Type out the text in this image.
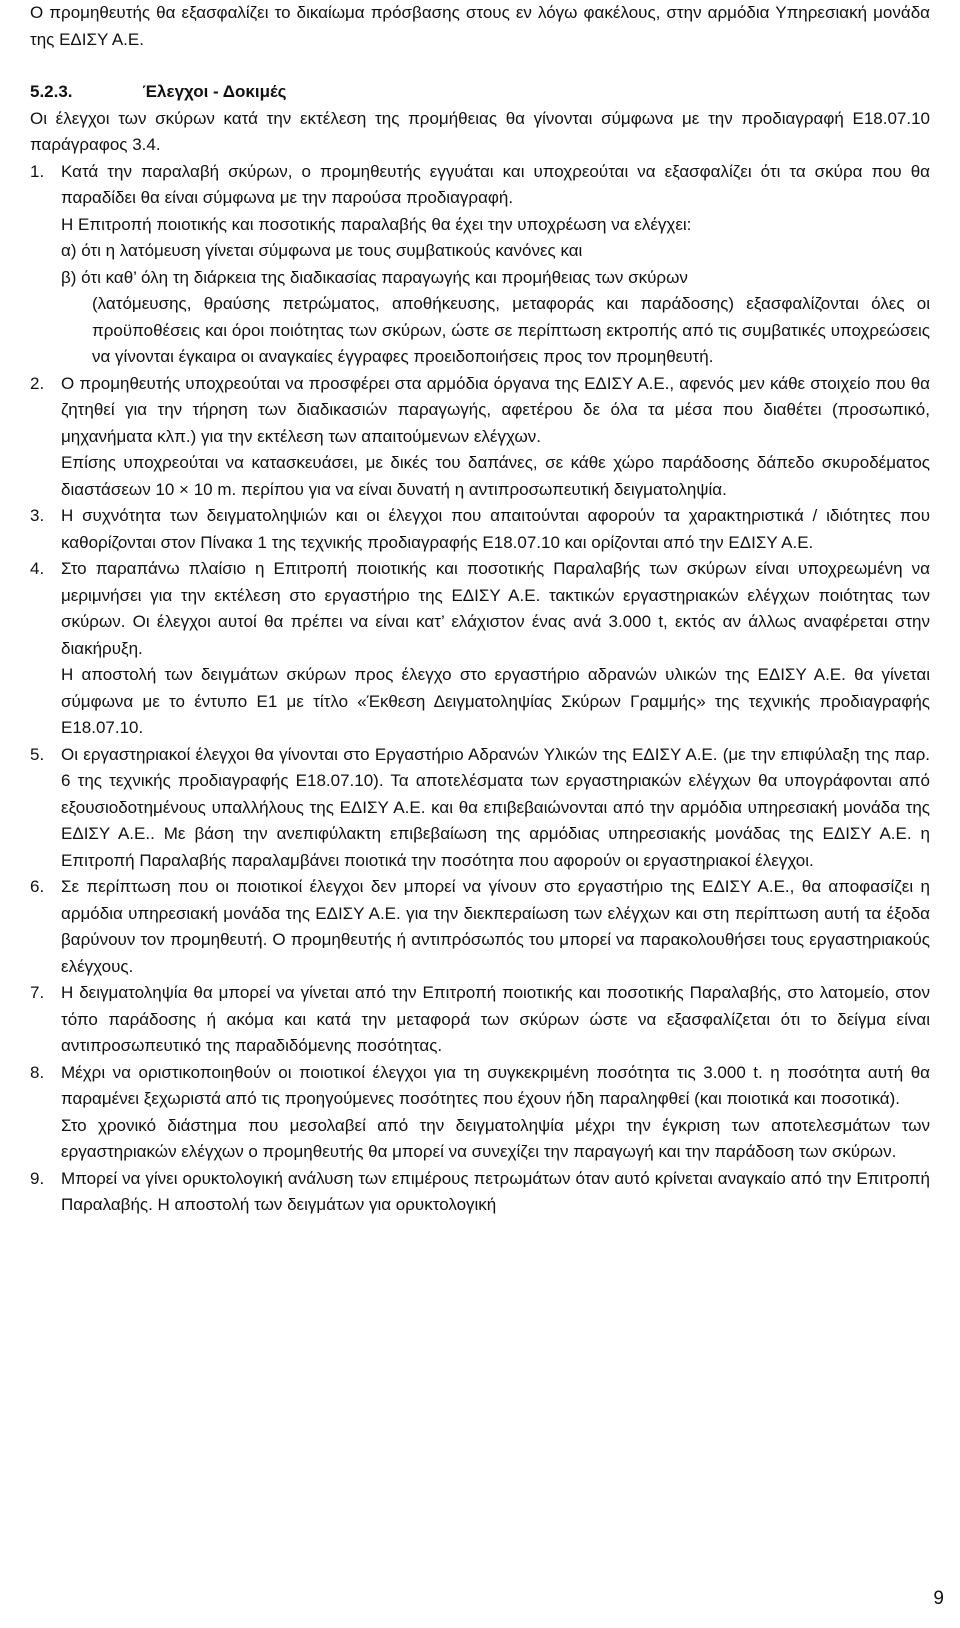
Ο προμηθευτής θα εξασφαλίζει το δικαίωμα πρόσβασης στους εν λόγω φακέλους, στην αρμόδια Υπηρεσιακή μονάδα της ΕΔΙΣΥ Α.Ε.

5.2.3.	Έλεγχοι - Δοκιμές

Οι έλεγχοι των σκύρων κατά την εκτέλεση της προμήθειας θα γίνονται σύμφωνα με την προδιαγραφή Ε18.07.10 παράγραφος 3.4.

1. Κατά την παραλαβή σκύρων, ο προμηθευτής εγγυάται και υποχρεούται να εξασφαλίζει ότι τα σκύρα που θα παραδίδει θα είναι σύμφωνα με την παρούσα προδιαγραφή.

Η Επιτροπή ποιοτικής και ποσοτικής παραλαβής θα έχει την υποχρέωση να ελέγχει:

α) ότι η λατόμευση γίνεται σύμφωνα με τους συμβατικούς κανόνες και

β) ότι καθ’ όλη τη διάρκεια της διαδικασίας παραγωγής και προμήθειας των σκύρων

(λατόμευσης, θραύσης πετρώματος, αποθήκευσης, μεταφοράς και παράδοσης) εξασφαλίζονται όλες οι προϋποθέσεις και όροι ποιότητας των σκύρων, ώστε σε περίπτωση εκτροπής από τις συμβατικές υποχρεώσεις να γίνονται έγκαιρα οι αναγκαίες έγγραφες προειδοποιήσεις προς τον προμηθευτή.

2. Ο προμηθευτής υποχρεούται να προσφέρει στα αρμόδια όργανα της ΕΔΙΣΥ Α.Ε., αφενός μεν κάθε στοιχείο που θα ζητηθεί για την τήρηση των διαδικασιών παραγωγής, αφετέρου δε όλα τα μέσα που διαθέτει (προσωπικό, μηχανήματα κλπ.) για την εκτέλεση των απαιτούμενων ελέγχων.

Επίσης υποχρεούται να κατασκευάσει, με δικές του δαπάνες, σε κάθε χώρο παράδοσης δάπεδο σκυροδέματος διαστάσεων 10 × 10 m. περίπου για να είναι δυνατή η αντιπροσωπευτική δειγματοληψία.

3. Η συχνότητα των δειγματοληψιών και οι έλεγχοι που απαιτούνται αφορούν τα χαρακτηριστικά / ιδιότητες που καθορίζονται στον Πίνακα 1 της τεχνικής προδιαγραφής Ε18.07.10 και ορίζονται από την ΕΔΙΣΥ Α.Ε.

4. Στο παραπάνω πλαίσιο η Επιτροπή ποιοτικής και ποσοτικής Παραλαβής των σκύρων είναι υποχρεωμένη να μεριμνήσει για την εκτέλεση στο εργαστήριο της ΕΔΙΣΥ Α.Ε. τακτικών εργαστηριακών ελέγχων ποιότητας των σκύρων. Οι έλεγχοι αυτοί θα πρέπει να είναι κατ’ ελάχιστον ένας ανά 3.000 t, εκτός αν άλλως αναφέρεται στην διακήρυξη.

Η αποστολή των δειγμάτων σκύρων προς έλεγχο στο εργαστήριο αδρανών υλικών της ΕΔΙΣΥ Α.Ε. θα γίνεται σύμφωνα με το έντυπο Ε1 με τίτλο «Έκθεση Δειγματοληψίας Σκύρων Γραμμής» της τεχνικής προδιαγραφής Ε18.07.10.

5. Οι εργαστηριακοί έλεγχοι θα γίνονται στο Εργαστήριο Αδρανών Υλικών της ΕΔΙΣΥ Α.Ε. (με την επιφύλαξη της παρ. 6 της τεχνικής προδιαγραφής Ε18.07.10). Τα αποτελέσματα των εργαστηριακών ελέγχων θα υπογράφονται από εξουσιοδοτημένους υπαλλήλους της ΕΔΙΣΥ Α.Ε. και θα επιβεβαιώνονται από την αρμόδια υπηρεσιακή μονάδα της ΕΔΙΣΥ Α.Ε.. Με βάση την ανεπιφύλακτη επιβεβαίωση της αρμόδιας υπηρεσιακής μονάδας της ΕΔΙΣΥ Α.Ε. η Επιτροπή Παραλαβής παραλαμβάνει ποιοτικά την ποσότητα που αφορούν οι εργαστηριακοί έλεγχοι.

6. Σε περίπτωση που οι ποιοτικοί έλεγχοι δεν μπορεί να γίνουν στο εργαστήριο της ΕΔΙΣΥ Α.Ε., θα αποφασίζει η αρμόδια υπηρεσιακή μονάδα της ΕΔΙΣΥ Α.Ε. για την διεκπεραίωση των ελέγχων και στη περίπτωση αυτή τα έξοδα βαρύνουν τον προμηθευτή. Ο προμηθευτής ή αντιπρόσωπός του μπορεί να παρακολουθήσει τους εργαστηριακούς ελέγχους.

7. Η δειγματοληψία θα μπορεί να γίνεται από την Επιτροπή ποιοτικής και ποσοτικής Παραλαβής, στο λατομείο, στον τόπο παράδοσης ή ακόμα και κατά την μεταφορά των σκύρων ώστε να εξασφαλίζεται ότι το δείγμα είναι αντιπροσωπευτικό της παραδιδόμενης ποσότητας.

8. Μέχρι να οριστικοποιηθούν οι ποιοτικοί έλεγχοι για τη συγκεκριμένη ποσότητα τις 3.000 t. η ποσότητα αυτή θα παραμένει ξεχωριστά από τις προηγούμενες ποσότητες που έχουν ήδη παραληφθεί (και ποιοτικά και ποσοτικά).

Στο χρονικό διάστημα που μεσολαβεί από την δειγματοληψία μέχρι την έγκριση των αποτελεσμάτων των εργαστηριακών ελέγχων ο προμηθευτής θα μπορεί να συνεχίζει την παραγωγή και την παράδοση των σκύρων.

9. Μπορεί να γίνει ορυκτολογική ανάλυση των επιμέρους πετρωμάτων όταν αυτό κρίνεται αναγκαίο από την Επιτροπή Παραλαβής. Η αποστολή των δειγμάτων για ορυκτολογική

9
